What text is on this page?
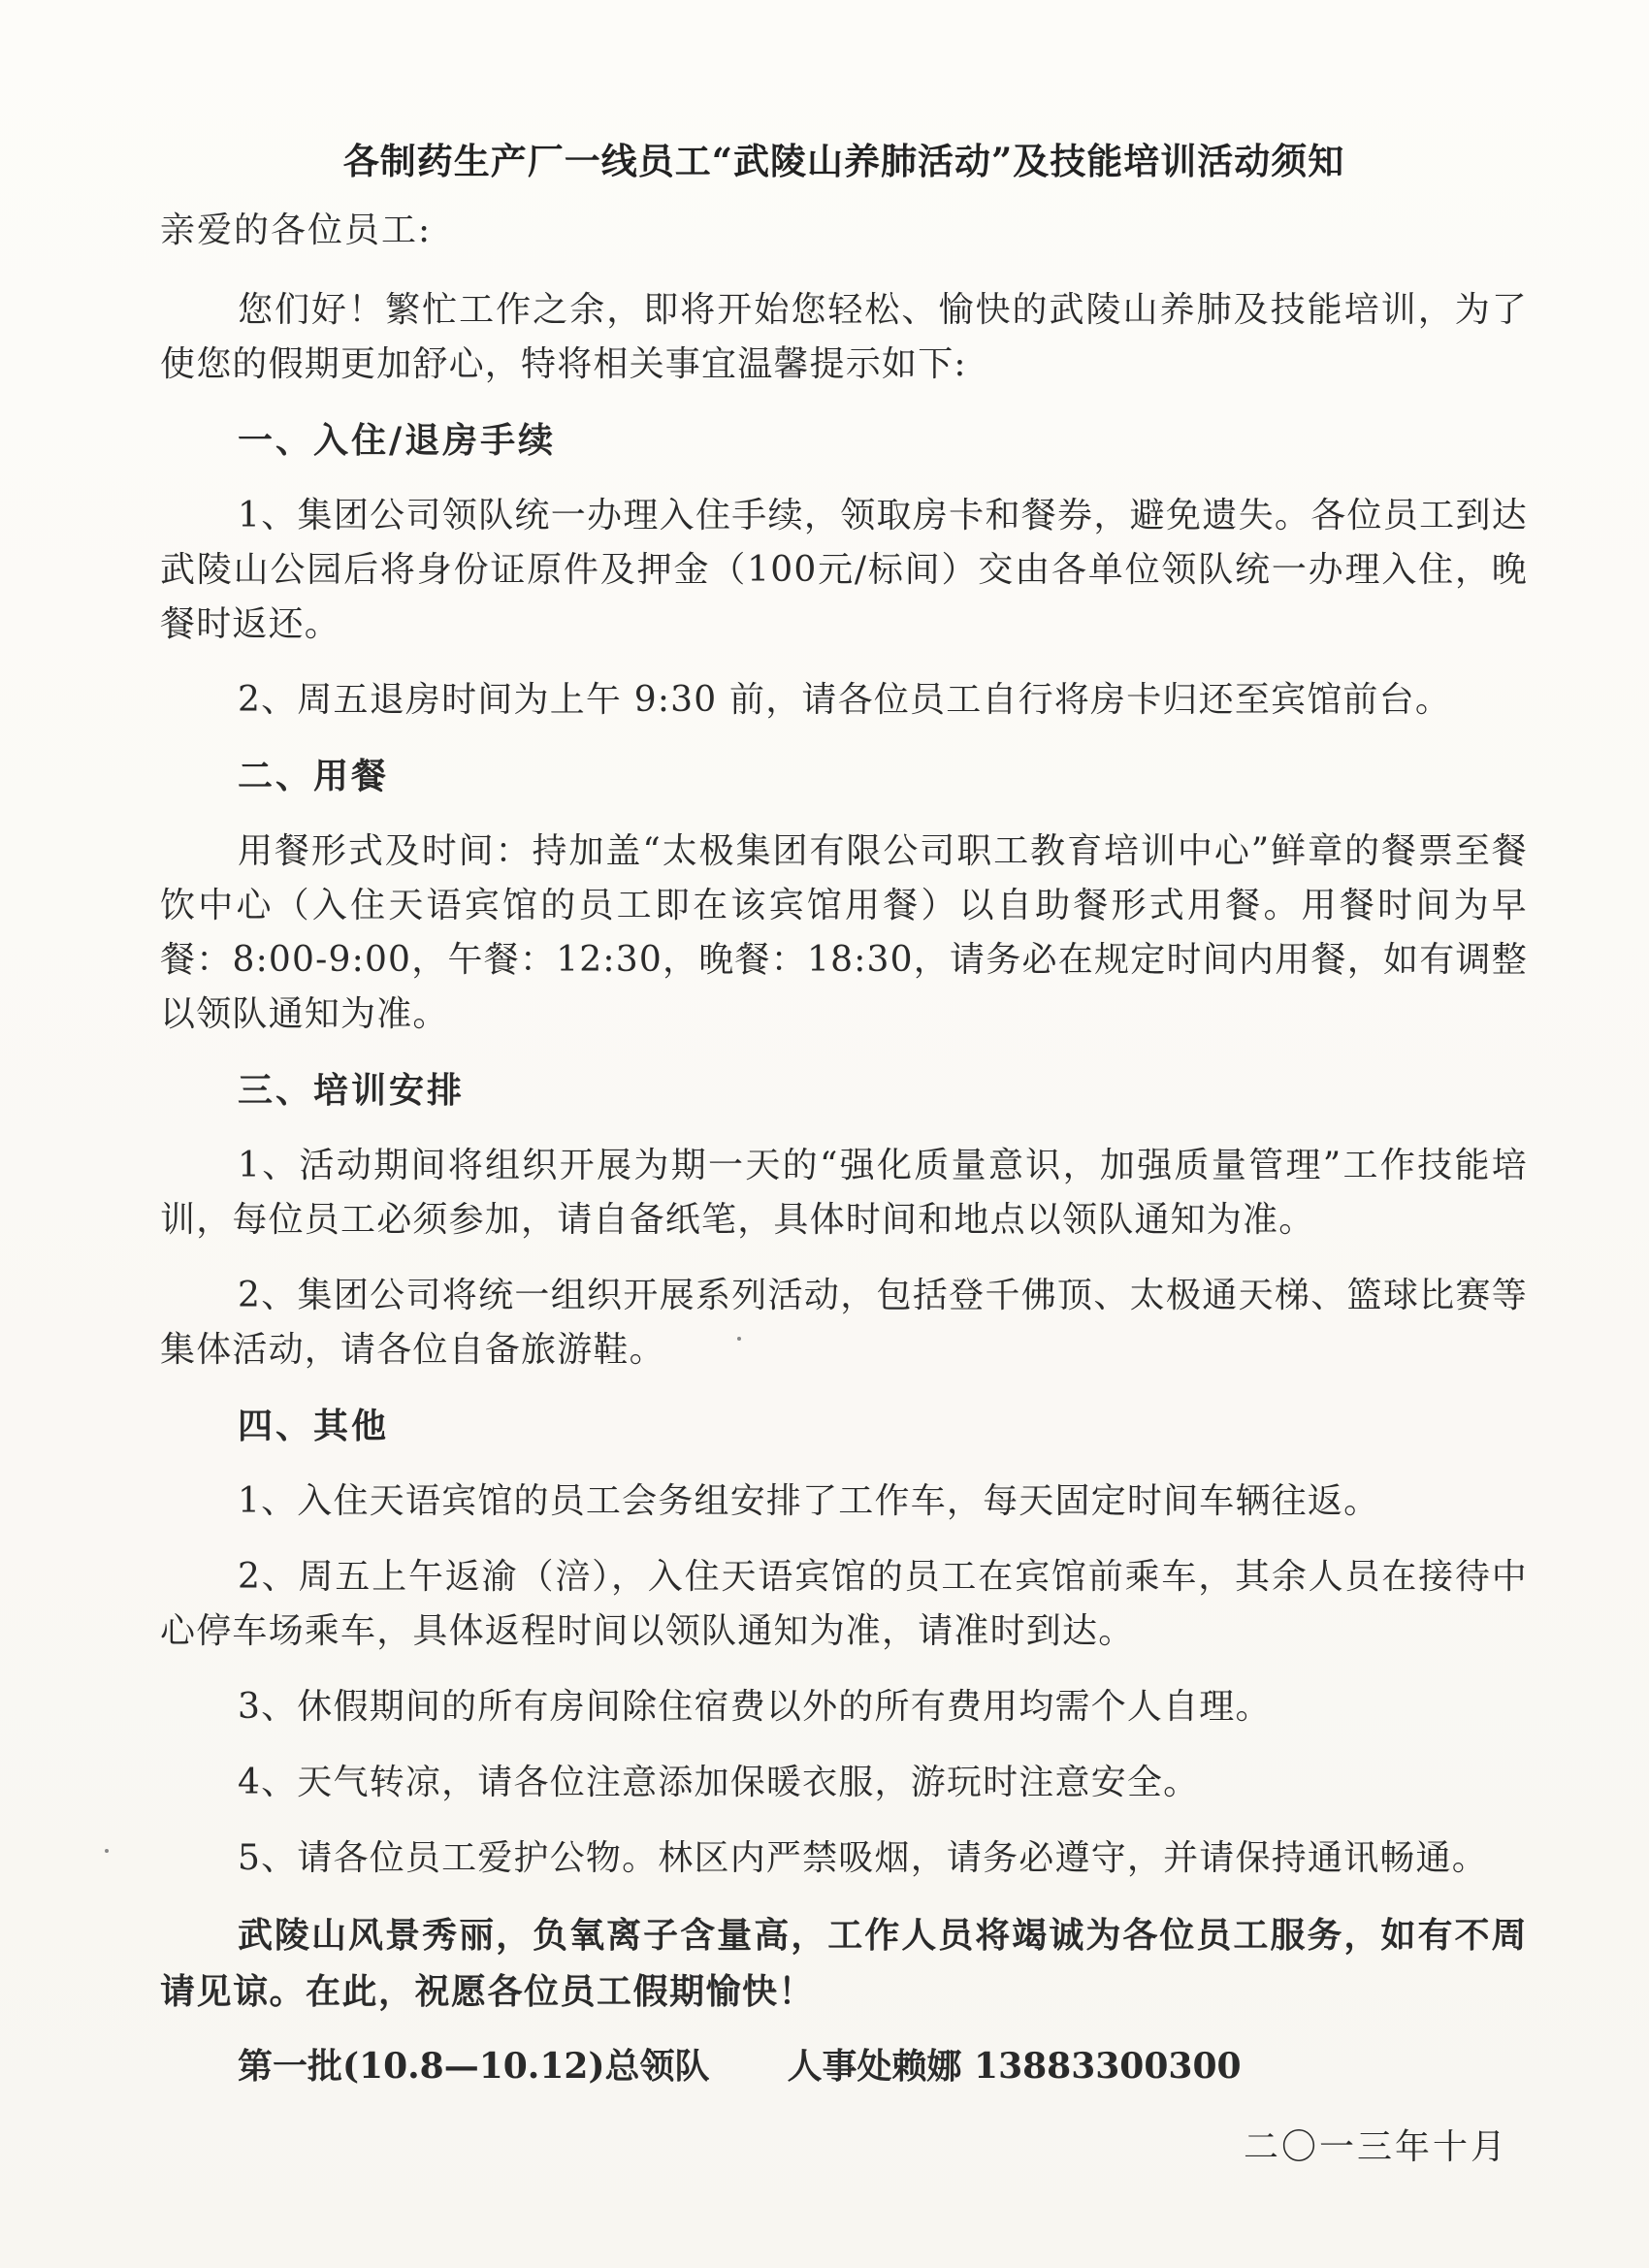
各制药生产厂一线员工“武陵山养肺活动”及技能培训活动须知
亲爱的各位员工:
您们好！繁忙工作之余，即将开始您轻松、愉快的武陵山养肺及技能培训，为了使您的假期更加舒心，特将相关事宜温馨提示如下:
一、入住/退房手续
1、集团公司领队统一办理入住手续，领取房卡和餐券，避免遗失。各位员工到达武陵山公园后将身份证原件及押金（100元/标间）交由各单位领队统一办理入住，晚餐时返还。
2、周五退房时间为上午 9:30 前，请各位员工自行将房卡归还至宾馆前台。
二、用餐
用餐形式及时间：持加盖“太极集团有限公司职工教育培训中心”鲜章的餐票至餐饮中心（入住天语宾馆的员工即在该宾馆用餐）以自助餐形式用餐。用餐时间为早餐：8:00-9:00，午餐：12:30，晚餐：18:30，请务必在规定时间内用餐，如有调整以领队通知为准。
三、培训安排
1、活动期间将组织开展为期一天的“强化质量意识，加强质量管理”工作技能培训，每位员工必须参加，请自备纸笔，具体时间和地点以领队通知为准。
2、集团公司将统一组织开展系列活动，包括登千佛顶、太极通天梯、篮球比赛等集体活动，请各位自备旅游鞋。
四、其他
1、入住天语宾馆的员工会务组安排了工作车，每天固定时间车辆往返。
2、周五上午返渝（涪），入住天语宾馆的员工在宾馆前乘车，其余人员在接待中心停车场乘车，具体返程时间以领队通知为准，请准时到达。
3、休假期间的所有房间除住宿费以外的所有费用均需个人自理。
4、天气转凉，请各位注意添加保暖衣服，游玩时注意安全。
5、请各位员工爱护公物。林区内严禁吸烟，请务必遵守，并请保持通讯畅通。
武陵山风景秀丽，负氧离子含量高，工作人员将竭诚为各位员工服务，如有不周请见谅。在此，祝愿各位员工假期愉快！
第一批(10.8—10.12)总领队 人事处赖娜 13883300300
二〇一三年十月
